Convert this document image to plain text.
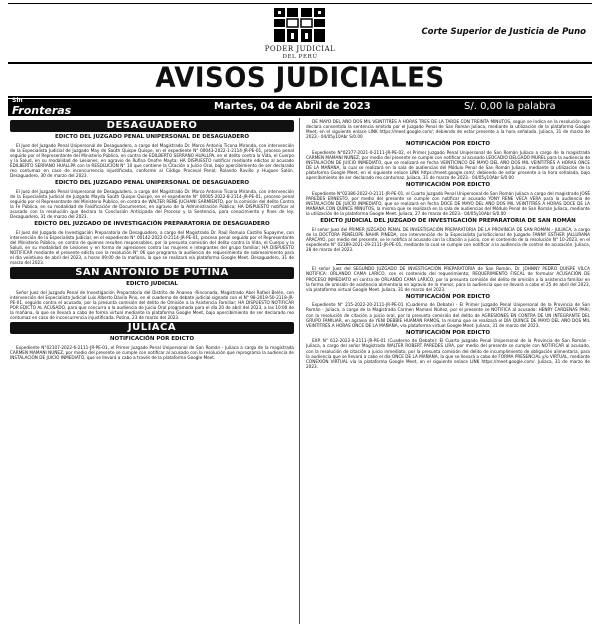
PODER JUDICIAL
DEL PERÚ
Corte Superior de Justicia de Puno
AVISOS JUDICIALES
Sin
Fronteras	Martes, 04 de Abril de 2023	S/. 0,00 la palabra
DESAGUADERO
EDICTO DEL JUZGADO PENAL UNIPERSONAL DE DESAGUADERO
El Juez del Juzgado Penal Unipersonal de Desaguadero, a cargo del Magistrado Dr. Marco Antonio Ticona Miranda, con intervención de la Especialista Judicial de Juzgado May de Saúth Quispe Quispe, en el expediente N° 00043-2022-1-2114-JR-PE-01, proceso penal seguido por el Representante del Ministerio Público, en contra de EDILBERTO SERRANO HUALLPA, en el delito contra la Vida, el Cuerpo y la Salud, en su modalidad de Lesiones, en agravio de Rufina Onofre Mayta; HA DISPUESTO notificar mediante edictos al acusado EDILBERTO SERRANO HUALLPA con la RESOLUCIÓN N° 10 que contiene la Citación a Juicio Oral, bajo apercibimiento de ser declarado reo contumaz en caso de inconcurrencia injustificada, conforme al Código Procesal Penal; Rolando Ravillo y Hugues Salón. Desaguadero, 30 de marzo del 2023.
EDICTO DEL JUZGADO PENAL UNIPERSONAL DE DESAGUADERO
El Juez del Juzgado Penal Unipersonal de Desaguadero, a cargo del Magistrado Dr. Marco Antonio Ticona Miranda, con intervención de la Especialista Judicial de Juzgado Mayda Saúth Quispe Quispe, en el expediente N° 00005-2022-8-2114-JR-PE-01, proceso penal seguido por el Representante del Ministerio Público, en contra de WALTER RENE JUCHANI SARMIENTO, por la comisión del delito Contra la Fe Pública, en su modalidad de Falsificación de Documentos, en agravio de la Administración Pública; HA DISPUESTO notificar al acusado con la resolución que declara la Conclusión Anticipada del Proceso y la Sentencia, para conocimiento y fines de ley. Desaguadero, 31 de marzo del 2023.
EDICTO DEL JUZGADO DE INVESTIGACIÓN PREPARATORIA DE DESAGUADERO
El Juez del Juzgado de Investigación Preparatoria de Desaguadero, a cargo del Magistrado Dr. Raúl Romulo Castillo Supayme, con intervención de la Especialista Judicial, en el expediente N° 00142-2022-0-2114-JR-PE-01, proceso penal seguido por el Representante del Ministerio Público, en contra de quienes resulten responsables, por la presunta comisión del delito contra la Vida, el Cuerpo y la Salud, en su modalidad de Lesiones y en forma de agresiones contra las mujeres e integrantes del grupo familiar; HA DISPUESTO NOTIFICAR mediante el presente edicto con la resolución N° 06 que programa la audiencia de requerimiento de sobreseimiento para el día veintiuno de abril del 2023, a horas 09:00 de la mañana, la que se realizará vía plataforma Google Meet. Desaguadero, 31 de marzo del 2023.
SAN ANTONIO DE PUTINA
EDICTO JUDICIAL
Señor Juez del Juzgado Penal de Investigación Preparatoria del Distrito de Ananea -Rinconada, Magistrado Abel Rafael Belén, con intervención del Especialista Judicial Luis Alberto Dávila Pino, en el cuaderno de debate judicial signado con el N° 98-2019-50-2118-JR-PE-01, seguido contra el acusado, por la presunta comisión del delito de Omisión a la Asistencia Familiar; HA DISPUESTO NOTIFICAR POR EDICTO AL ACUSADO, para que concurra a la audiencia de Juicio Oral programada para el día 20 de abril del 2023, a las 10:00 de la mañana, la que se llevará a cabo de forma virtual mediante la plataforma Google Meet, bajo apercibimiento de ser declarado reo contumaz en caso de inconcurrencia injustificada. Putina, 23 de marzo del 2023.
JULIACA
NOTIFICACIÓN POR EDICTO
Expediente N°02107-2022-6-2111-JR-PE-01, el Primer Juzgado Penal Unipersonal de San Román - Juliaca a cargo de la magistrada CARMEN MAMANI NUÑEZ, por medio del presente se cumple con notificar al acusado con la resolución que reprograma la audiencia de INSTALACIÓN DE JUICIO INMEDIATO, que se llevará a cabo a través de la plataforma Google Meet.
DE MAYO DEL AÑO DOS MIL VEINTITRÉS A HORAS TRES DE LA TARDE CON TREINTA MINUTOS, según se indica en la resolución que declara consentida la sentencia emitida por el Juzgado Penal de San Román Juliaca, mediante la utilización de la plataforma Google Meet, en el siguiente enlace LINK https://meet.google.com/; debiendo de estar presente a la hora señalada. Juliaca, 31 de marzo de 2023.- 04/05y10Abr S/0.00
NOTIFICACIÓN POR EDICTO
Expediente N°02377-2021-0-2111-JR-PE-02, el Primer Juzgado Penal Unipersonal de San Román Juliaca a cargo de la magistrada CARMEN MAMANI NUÑEZ, por medio del presente se cumple con notificar al acusado LEOCADIO DELGADO MUREL para la audiencia de INSTALACIÓN DE JUICIO INMEDIATO, que se realizará en fecha VEINTICINCO DE MAYO DEL AÑO DOS MIL VEINTITRÉS A HORAS ONCE DE LA MAÑANA, la cual se realizará en la sala de audiencias del Módulo Penal de San Román Juliaca, mediante la utilización de la plataforma Google Meet, en el siguiente enlace LINK https://meet.google.com/; debiendo de estar presente a la hora señalada, bajo apercibimiento de ser declarado reo contumaz. Juliaca, 31 de marzo de 2023.- 04/05y10Abr S/0.00
NOTIFICACIÓN POR EDICTO
Expediente N°02386-2022-0-2111-JR-PE-01, el Cuarto Juzgado Penal Unipersonal de San Román Juliaca a cargo del magistrado JOSÉ PAREDES ERNESTO, por medio del presente se cumple con notificar al acusado YONY RENE VECA VERA para la audiencia de INSTALACIÓN DE JUICIO INMEDIATO, que se realizará en fecha DOCE DE MAYO DEL AÑO DOS MIL VEINTITRÉS A HORAS DOCE DE LA MAÑANA CON QUINCE MINUTOS, la misma que se realizará en la sala de audiencias del Módulo Penal de San Román Juliaca, mediante la utilización de la plataforma Google Meet. Juliaca, 27 de marzo de 2023.- 04/05y10Abr S/0.00
EDICTO JUDICIAL DEL JUZGADO DE INVESTIGACIÓN PREPARATORIA DE SAN ROMÁN
El señor Juez del PRIMER JUZGADO PENAL DE INVESTIGACIÓN PREPARATORIA DE LA PROVINCIA DE SAN ROMÁN - JULIACA, a cargo de la DOCTORA PENÉLOPE NAHIR PINEDA, con intervención de la Especialista Jurisdiccional de Juzgado FANNY ESTHER JALLURANA ARACAYO, por medio del presente, se le notifica al acusado con la citación a juicio, con el contenido de la resolución N° 10-2023, en el expediente N° 02189-2021-29-2111-JR-PE-01, mediante la cual se cumple con notificar a la audiencia de control de acusación. Juliaca, 28 de marzo del 2023.
El señor Juez del SEGUNDO JUZGADO DE INVESTIGACIÓN PREPARATORIA de San Román, Dr. JOHNNY PEDRO QUISPE VILCA NOTIFICA: ORLANDO CAMA LARICO, con el contenido del requerimiento; REQUERIMIENTO FISCAL de formular ACUSACIÓN DE PROCESO INMEDIATO en contra de ORLANDO CAMA LARICO, por la presunta comisión del delito de omisión a la asistencia familiar en la forma de omisión de asistencia alimentaria en agravio de la menor, para la audiencia que se llevará a cabo el 25 de abril del 2023, vía plataforma virtual Google Meet. Juliaca, 31 de marzo del 2023.
NOTIFICACIÓN POR EDICTO
Expediente N° 215-2022-20-2111-JR-PE-01 (Cuaderno de Debate) - El Primer Juzgado Penal Unipersonal de la Provincia de San Román - Juliaca, a cargo de la Magistrada Carmen Mamani Núñez, por el presente se NOTIFICA al acusado: HENRY CARDENAS PARI, con la resolución de citación a juicio oral, por la presunta comisión del delito de AGRESIONES EN CONTRA DE UN INTEGRANTE DEL GRUPO FAMILIAR, en agravio de YENI DEBBIE HUAMAN RAMOS, la misma que se realizará el DÍA QUINCE DE MAYO DEL AÑO DOS MIL VEINTITRÉS A HORAS ONCE DE LA MAÑANA, vía plataforma virtual Google Meet. Juliaca, 31 de marzo del 2023.
NOTIFICACIÓN POR EDICTO
EXP. N° 612-2022-0-2111-JR-PE-01 (Cuaderno de Debate): El Cuarto Juzgado Penal Unipersonal de la Provincia de San Román - Juliaca, a cargo del señor Magistrado WALTER ROBERT PAREDES LIRA, por medio del presente se cumple con NOTIFICAR al acusado, con la resolución de citación a juicio inmediato, por la presunta comisión del delito de incumplimiento de obligación alimentaria, para la audiencia que se llevará a cabo el día ONCE DE LA MAÑANA, la que se llevará a cabo de FORMA PRESENCIAL y/o VIRTUAL, mediante CONEXIÓN VIRTUAL vía la plataforma Google Meet, en el siguiente enlace LINK https://meet.google.com/. Juliaca, 31 de marzo de 2023.
